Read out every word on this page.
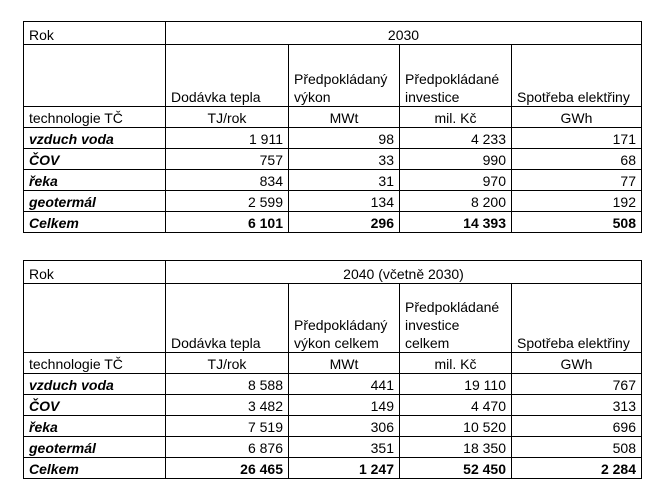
Rok	2030			
	Dodávka tepla	Předpokládaný výkon	Předpokládané investice	Spotřeba elektřiny
technologie TČ	TJ/rok	MWt	mil. Kč	GWh
vzduch voda	1 911	98	4 233	171
ČOV	757	33	990	68
řeka	834	31	970	77
geotermál	2 599	134	8 200	192
Celkem	6 101	296	14 393	508
Rok	2040 (včetně 2030)			
	Dodávka tepla	Předpokládaný výkon celkem	Předpokládané investice celkem	Spotřeba elektřiny
technologie TČ	TJ/rok	MWt	mil. Kč	GWh
vzduch voda	8 588	441	19 110	767
ČOV	3 482	149	4 470	313
řeka	7 519	306	10 520	696
geotermál	6 876	351	18 350	508
Celkem	26 465	1 247	52 450	2 284
